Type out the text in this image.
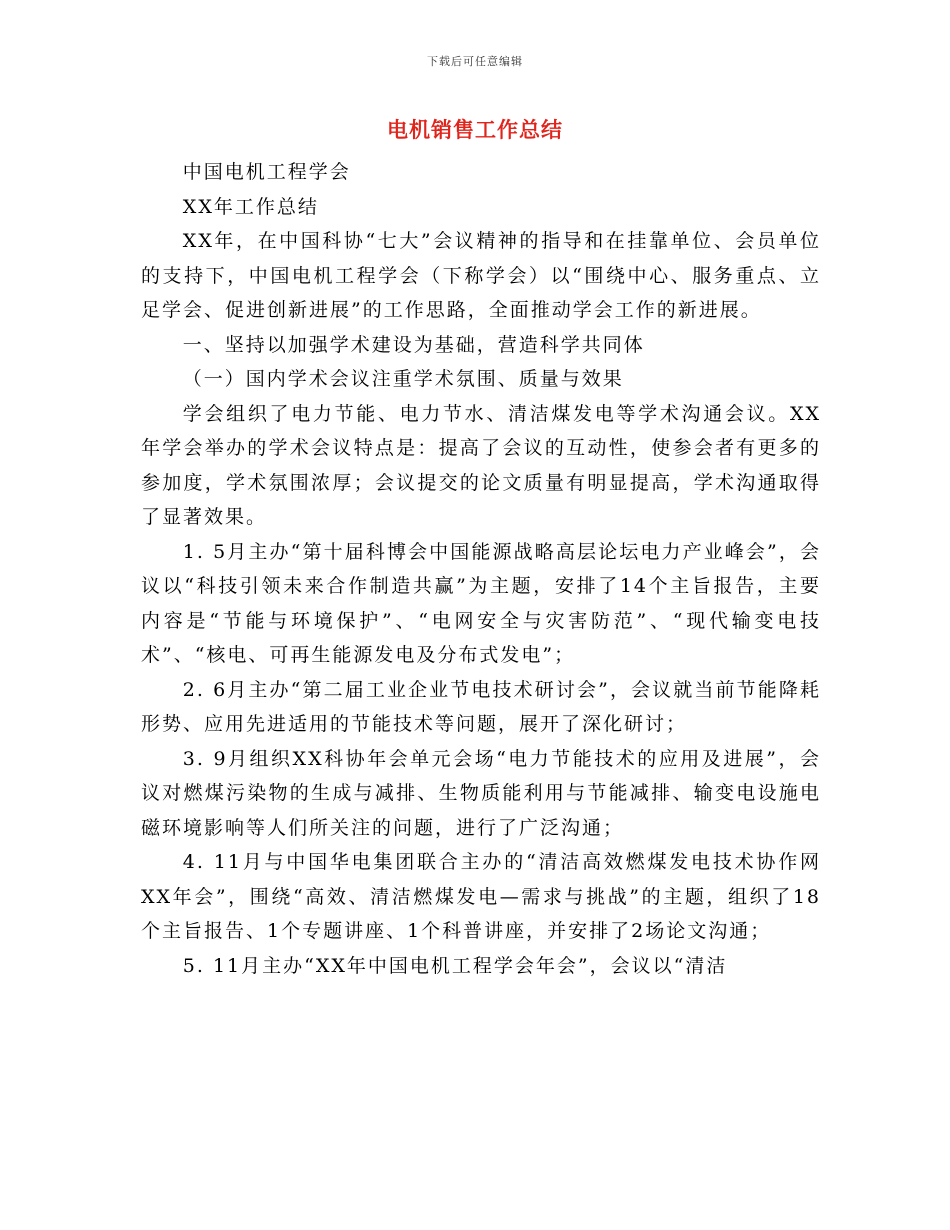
下载后可任意编辑
电机销售工作总结

中国电机工程学会

XX年工作总结

XX年，在中国科协“七大”会议精神的指导和在挂靠单位、会员单位的支持下，中国电机工程学会（下称学会）以“围绕中心、服务重点、立足学会、促进创新进展”的工作思路，全面推动学会工作的新进展。

一、坚持以加强学术建设为基础，营造科学共同体

（一）国内学术会议注重学术氛围、质量与效果

学会组织了电力节能、电力节水、清洁煤发电等学术沟通会议。XX年学会举办的学术会议特点是：提高了会议的互动性，使参会者有更多的参加度，学术氛围浓厚；会议提交的论文质量有明显提高，学术沟通取得了显著效果。

1. 5月主办“第十届科博会中国能源战略高层论坛电力产业峰会”，会议以“科技引领未来合作制造共赢”为主题，安排了14个主旨报告，主要内容是“节能与环境保护”、“电网安全与灾害防范”、“现代输变电技术”、“核电、可再生能源发电及分布式发电”；

2. 6月主办“第二届工业企业节电技术研讨会”，会议就当前节能降耗形势、应用先进适用的节能技术等问题，展开了深化研讨；

3. 9月组织XX科协年会单元会场“电力节能技术的应用及进展”，会议对燃煤污染物的生成与减排、生物质能利用与节能减排、输变电设施电磁环境影响等人们所关注的问题，进行了广泛沟通；

4. 11月与中国华电集团联合主办的“清洁高效燃煤发电技术协作网XX年会”，围绕“高效、清洁燃煤发电—需求与挑战”的主题，组织了18个主旨报告、1个专题讲座、1个科普讲座，并安排了2场论文沟通；

5. 11月主办“XX年中国电机工程学会年会”，会议以“清洁
